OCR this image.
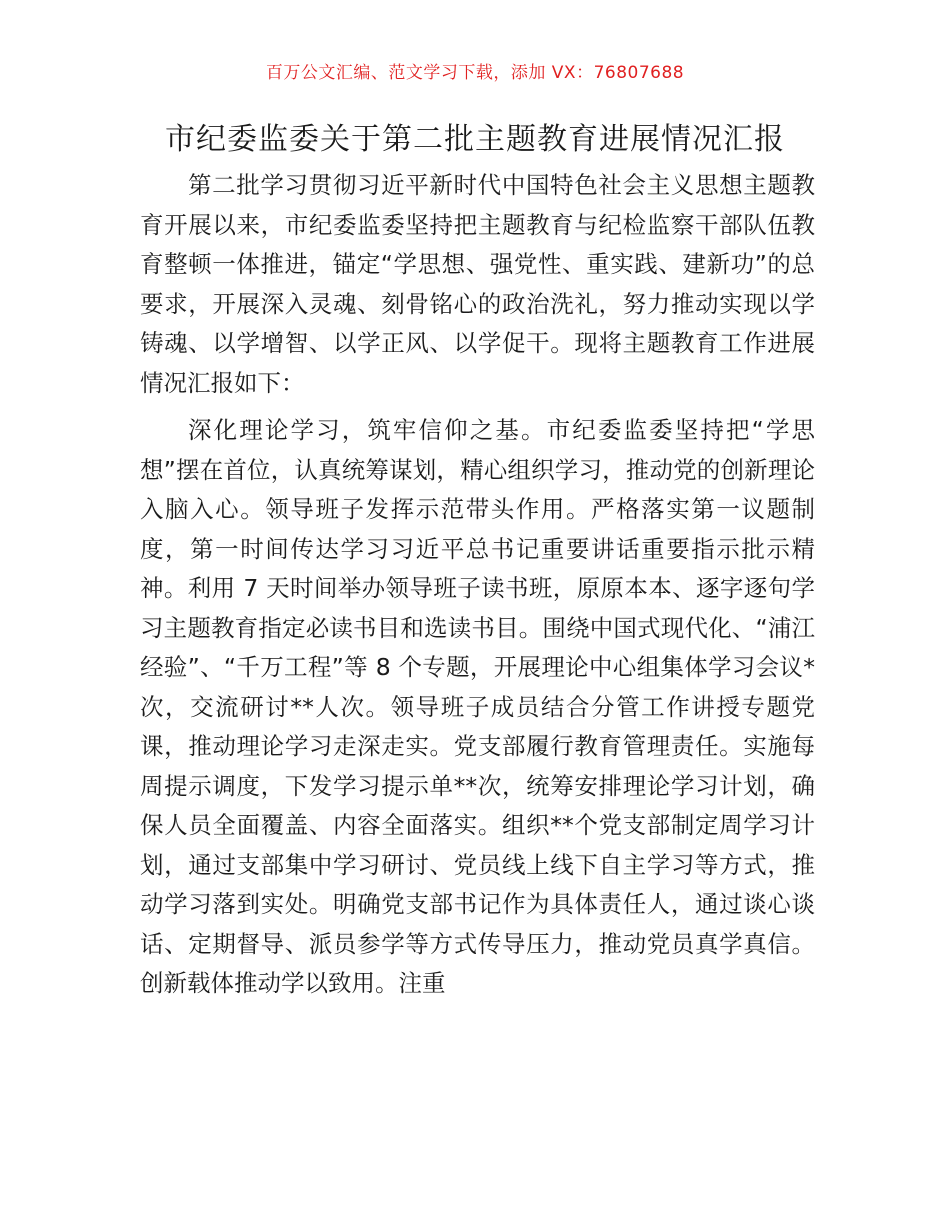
百万公文汇编、范文学习下载，添加 VX：76807688
市纪委监委关于第二批主题教育进展情况汇报

第二批学习贯彻习近平新时代中国特色社会主义思想主题教育开展以来，市纪委监委坚持把主题教育与纪检监察干部队伍教育整顿一体推进，锚定“学思想、强党性、重实践、建新功”的总要求，开展深入灵魂、刻骨铭心的政治洗礼，努力推动实现以学铸魂、以学增智、以学正风、以学促干。现将主题教育工作进展情况汇报如下：

深化理论学习，筑牢信仰之基。市纪委监委坚持把“学思想”摆在首位，认真统筹谋划，精心组织学习，推动党的创新理论入脑入心。领导班子发挥示范带头作用。严格落实第一议题制度，第一时间传达学习习近平总书记重要讲话重要指示批示精神。利用 7 天时间举办领导班子读书班，原原本本、逐字逐句学习主题教育指定必读书目和选读书目。围绕中国式现代化、“浦江经验”、“千万工程”等 8 个专题，开展理论中心组集体学习会议*次，交流研讨**人次。领导班子成员结合分管工作讲授专题党课，推动理论学习走深走实。党支部履行教育管理责任。实施每周提示调度，下发学习提示单**次，统筹安排理论学习计划，确保人员全面覆盖、内容全面落实。组织**个党支部制定周学习计划，通过支部集中学习研讨、党员线上线下自主学习等方式，推动学习落到实处。明确党支部书记作为具体责任人，通过谈心谈话、定期督导、派员参学等方式传导压力，推动党员真学真信。创新载体推动学以致用。注重
